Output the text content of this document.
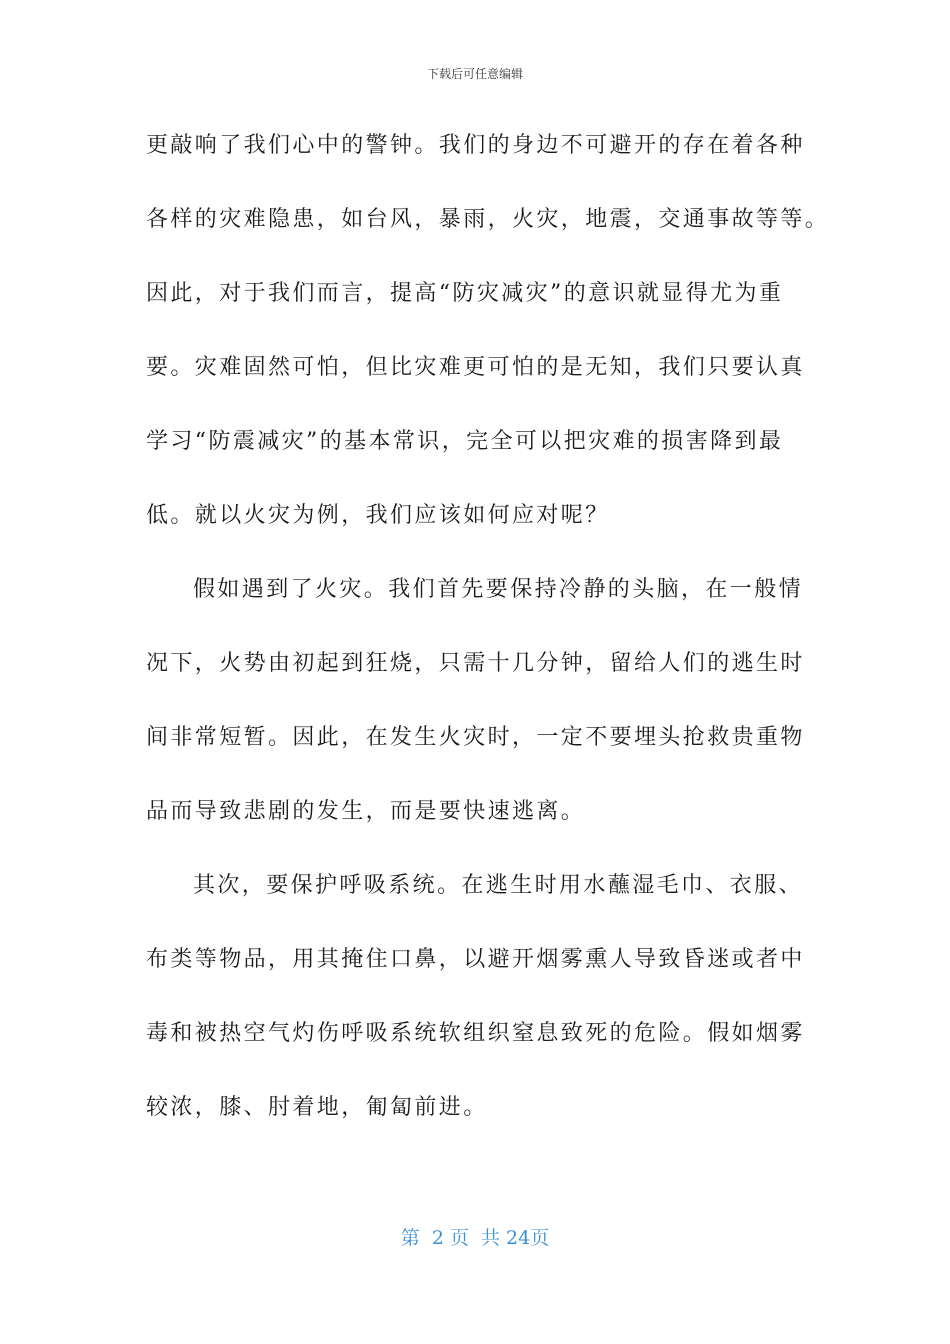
下载后可任意编辑
更敲响了我们心中的警钟。我们的身边不可避开的存在着各种
各样的灾难隐患，如台风，暴雨，火灾，地震，交通事故等等。
因此，对于我们而言，提高“防灾减灾”的意识就显得尤为重
要。灾难固然可怕，但比灾难更可怕的是无知，我们只要认真
学习“防震减灾”的基本常识，完全可以把灾难的损害降到最
低。就以火灾为例，我们应该如何应对呢？
假如遇到了火灾。我们首先要保持冷静的头脑，在一般情
况下，火势由初起到狂烧，只需十几分钟，留给人们的逃生时
间非常短暂。因此，在发生火灾时，一定不要埋头抢救贵重物
品而导致悲剧的发生，而是要快速逃离。
其次，要保护呼吸系统。在逃生时用水蘸湿毛巾、衣服、
布类等物品，用其掩住口鼻，以避开烟雾熏人导致昏迷或者中
毒和被热空气灼伤呼吸系统软组织窒息致死的危险。假如烟雾
较浓，膝、肘着地，匍匐前进。
第  2 页  共 24页
